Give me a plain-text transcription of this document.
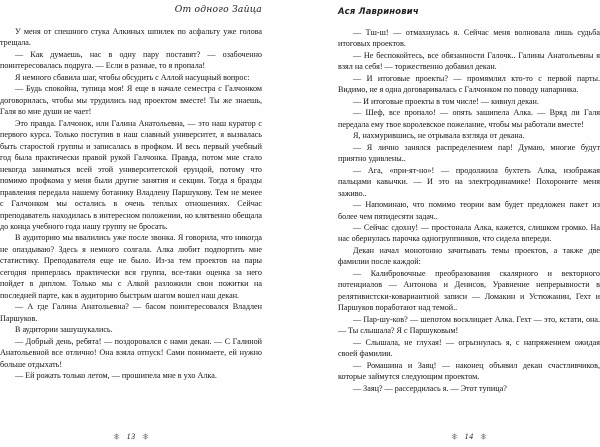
От одного Зайца

У меня от спешного стука Алкиных шпилек по асфальту уже голова трещала.

— Как думаешь, нас в одну пару поставят? — озабоченно поинтересовалась подруга. — Если в разные, то я пропала!

Я немного сбавила шаг, чтобы обсудить с Аллой насущный вопрос:

— Будь спокойна, тупица моя! Я еще в начале семестра с Галчонком договорилась, чтобы мы трудились над проектом вместе! Ты же знаешь, Галя во мне души не чает!

Это правда. Галчонок, или Галина Анатольевна, — это наш куратор с первого курса. Только поступив в наш славный университет, я вызвалась быть старостой группы и записалась в профком. И весь первый учебный год была практически правой рукой Галчонка. Правда, потом мне стало некогда заниматься всей этой университетской ерундой, потому что помимо профкома у меня были другие занятия и секции. Тогда я бразды правления передала нашему ботанику Владлену Паршукову. Тем не менее с Галчонком мы остались в очень теплых отношениях. Сейчас преподаватель находилась в интересном положении, но клятвенно обещала до конца учебного года нашу группу не бросать.

В аудиторию мы ввалились уже после звонка. Я говорила, что никогда не опаздываю? Здесь я немного солгала. Алка любит подпортить мне статистику. Преподавателя еще не было. Из-за тем проектов на пары сегодня приперлась практически вся группа, все-таки оценка за него пойдет в диплом. Только мы с Алкой разложили свои пожитки на последней парте, как в аудиторию быстрым шагом вошел наш декан.

— А где Галина Анатольевна? — басом поинтересовался Владлен Паршуков.

В аудитории зашушукались.

— Добрый день, ребята! — поздоровался с нами декан. — С Галиной Анатольевной все отлично! Она взяла отпуск! Сами понимаете, ей нужно больше отдыхать!

— Ей рожать только летом, — прошипела мне в ухо Алка.

13
Ася Лавринович

— Тш-ш! — отмахнулась я. Сейчас меня волновала лишь судьба итоговых проектов.

— Не беспокойтесь, все обязанности Галочк.. Галины Анатольевны я взял на себя! — торжественно добавил декан.

— И итоговые проекты? — промямлил кто-то с первой парты. Видимо, не я одна договаривалась с Галчонком по поводу напарника.

— И итоговые проекты в том числе! — кивнул декан.

— Шеф, все пропало! — опять зашипела Алка. — Вряд ли Галя передала ему твое королевское пожелание, чтобы мы работали вместе!

Я, нахмурившись, не отрывала взгляда от декана.

— Я лично занялся распределением пар! Думаю, многие будут приятно удивлены..

— Ага, «при-ят-но»! — продолжила бухтеть Алка, изображая пальцами кавычки. — И это на электродинамике! Похороните меня заживо..

— Напоминаю, что помимо теории вам будет предложен пакет из более чем пятидесяти задач..

— Сейчас сдохну! — простонала Алка, кажется, слишком громко. На нас обернулась парочка одногруппников, что сидела впереди.

Декан начал монотонно зачитывать темы проектов, а также две фамилии после каждой:

— Калибровочные преобразования скалярного и векторного потенциалов — Антонова и Денисов, Уравнение непрерывности в релятивистски-ковариантной записи — Ломакин и Устюжанин, Гехт и Паршуков поработают над темой..

— Пар-шу-ков? — шепотом восклицает Алка. Гехт — это, кстати, она. — Ты слышала? Я с Паршуковым!

— Слышала, не глухая! — огрызнулась я, с напряжением ожидая своей фамилии.

— Ромашина и Заяц! — наконец объявил декан счастливчиков, которые займутся следующим проектом.

— Заяц? — рассердилась я. — Этот тупица?

14
